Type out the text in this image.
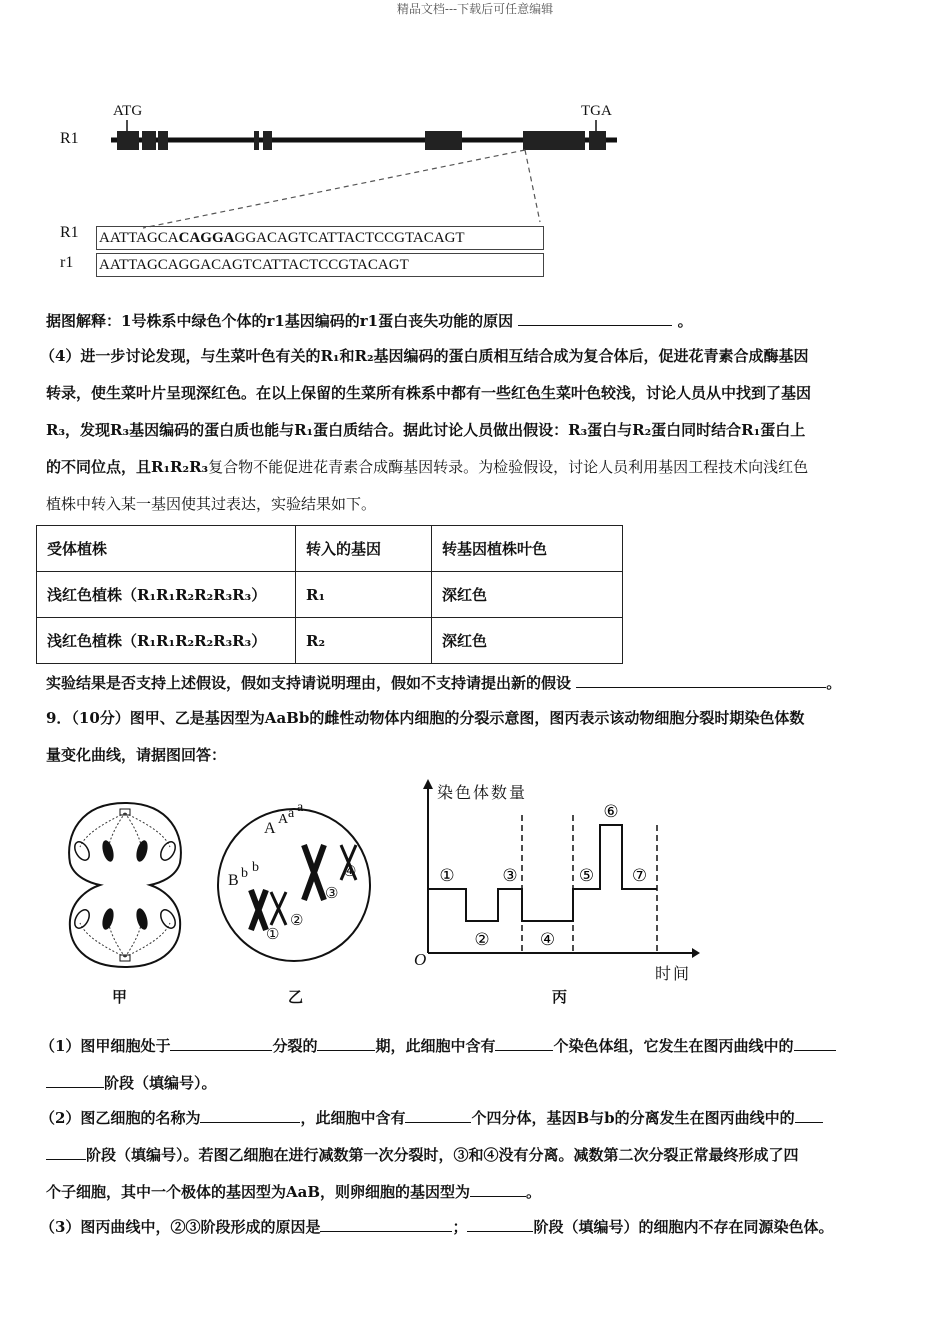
精品文档---下载后可任意编辑
R1
ATG	TGA
R1 AATTAGCACAGGAGGACAGTCATTACTCCGTACAGT
r1 AATTAGCAGGACAGTCATTACTCCGTACAGT
据图解释：1号株系中绿色个体的r1基因编码的r1蛋白丧失功能的原因	。
（4）进一步讨论发现，与生菜叶色有关的R₁和R₂基因编码的蛋白质相互结合成为复合体后，促进花青素合成酶基因
转录，使生菜叶片呈现深红色。在以上保留的生菜所有株系中都有一些红色生菜叶色较浅，讨论人员从中找到了基因
R₃，发现R₃基因编码的蛋白质也能与R₁蛋白质结合。据此讨论人员做出假设：R₃蛋白与R₂蛋白同时结合R₁蛋白上
的不同位点，且R₁R₂R₃复合物不能促进花青素合成酶基因转录。为检验假设，讨论人员利用基因工程技术向浅红色
植株中转入某一基因使其过表达，实验结果如下。
受体植株	转入的基因	转基因植株叶色
浅红色植株（R₁R₁R₂R₂R₃R₃）	R₁	深红色
浅红色植株（R₁R₁R₂R₂R₃R₃）	R₂	深红色
实验结果是否支持上述假设，假如支持请说明理由，假如不支持请提出新的假设	。
9．（10分）图甲、乙是基因型为AaBb的雌性动物体内细胞的分裂示意图，图丙表示该动物细胞分裂时期染色体数
量变化曲线，请据图回答：
甲
A
A a a
B b b
①
②
③
④
乙
①
②
③
④
⑤
⑥
⑦
染色体数量
时间
O
丙
（1）图甲细胞处于	分裂的	期，此细胞中含有	个染色体组，它发生在图丙曲线中的
阶段（填编号）。
（2）图乙细胞的名称为	，此细胞中含有	个四分体，基因B与b的分离发生在图丙曲线中的
阶段（填编号）。若图乙细胞在进行减数第一次分裂时，③和④没有分离。减数第二次分裂正常最终形成了四
个子细胞，其中一个极体的基因型为AaB，则卵细胞的基因型为	。
（3）图丙曲线中，②③阶段形成的原因是	；	阶段（填编号）的细胞内不存在同源染色体。
